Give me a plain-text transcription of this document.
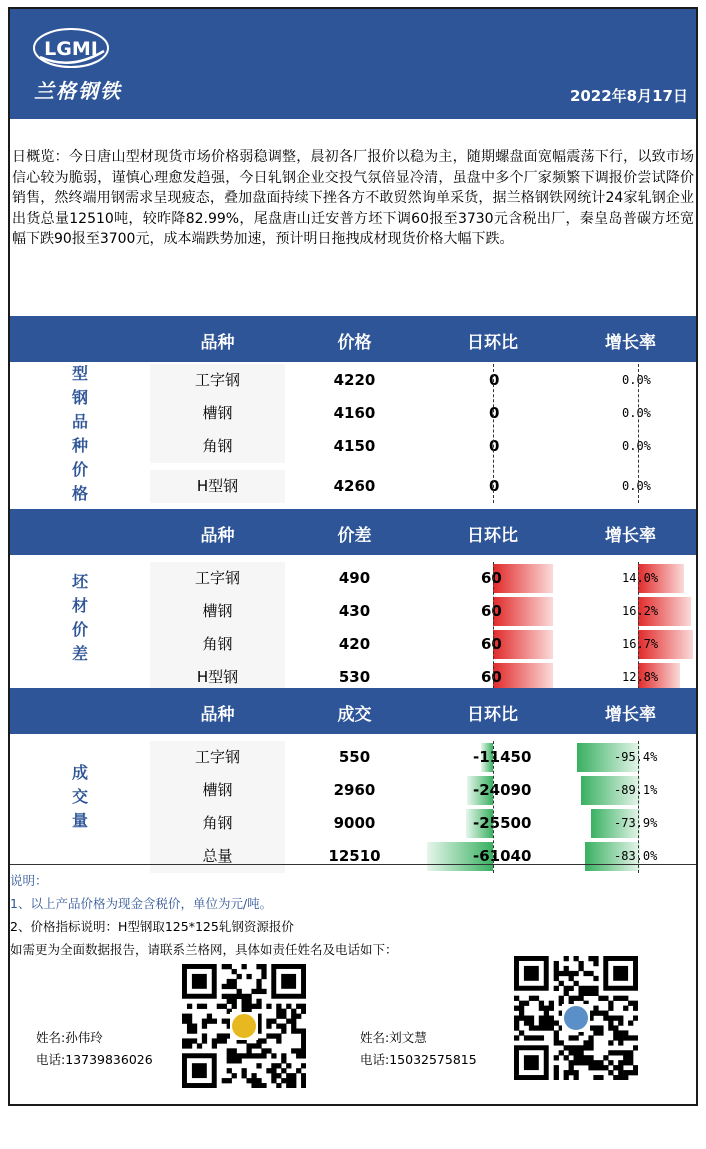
LGMI
兰格钢铁	2022年8月17日
日概览：今日唐山型材现货市场价格弱稳调整，晨初各厂报价以稳为主，随期螺盘面宽幅震荡下行，以致市场信心较为脆弱，谨慎心理愈发趋强，今日轧钢企业交投气氛倍显冷清，虽盘中多个厂家频繁下调报价尝试降价销售，然终端用钢需求呈现疲态，叠加盘面持续下挫各方不敢贸然询单采货，据兰格钢铁网统计24家轧钢企业出货总量12510吨，较昨降82.99%，尾盘唐山迁安普方坯下调60报至3730元含税出厂，秦皇岛普碳方坯宽幅下跌90报至3700元，成本端跌势加速，预计明日拖拽成材现货价格大幅下跌。
品种	价格	日环比	增长率
型
钢
品
种
价
格
工字钢	4220	0	0.0%
槽钢	4160	0	0.0%
角钢	4150	0	0.0%
H型钢	4260	0	0.0%
品种	价差	日环比	增长率
坯
材
价
差
工字钢	490	60	14.0%
槽钢	430	60	16.2%
角钢	420	60	16.7%
H型钢	530	60	12.8%
品种	成交	日环比	增长率
成
交
量
工字钢	550	-11450	-95.4%
槽钢	2960	-24090	-89.1%
角钢	9000	-25500	-73.9%
总量	12510	-61040	-83.0%
说明：
1、以上产品价格为现金含税价，单位为元/吨。
2、价格指标说明：H型钢取125*125轧钢资源报价
如需更为全面数据报告，请联系兰格网，具体如责任姓名及电话如下：
姓名:孙伟玲
电话:13739836026
姓名:刘文慧
电话:15032575815
